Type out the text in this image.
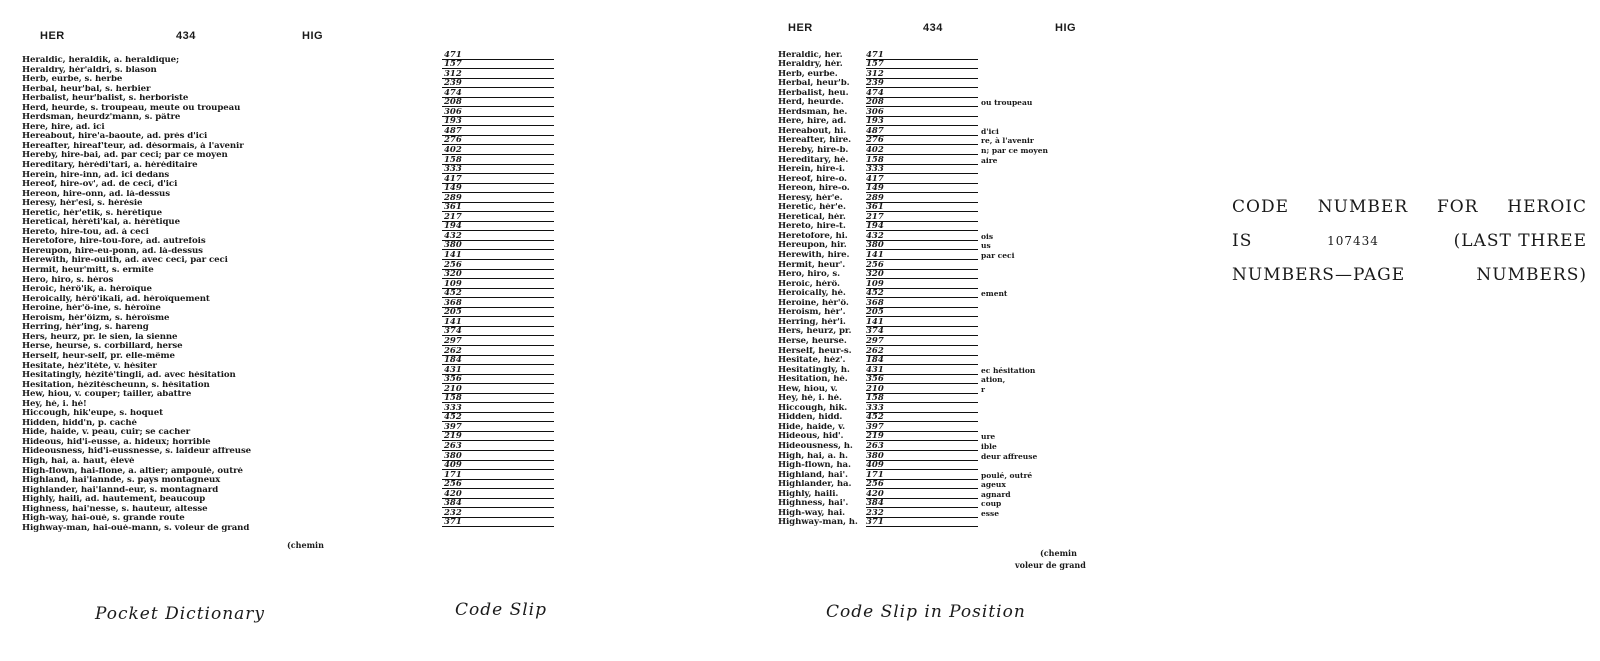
HER	434	HIG
Heraldic, heraldik, a. heraldique;
Heraldry, hér'aldri, s. blason
Herb, eurbe, s. herbe
Herbal, heur'bal, s. herbier
Herbalist, heur'balist, s. herboriste
Herd, heurde, s. troupeau, meute ou troupeau
Herdsman, heurdz'mann, s. pâtre
Here, hire, ad. ici
Hereabout, hire'a-baoute, ad. près d'ici
Hereafter, hireaf'teur, ad. désormais, à l'avenir
Hereby, hire-bai, ad. par ceci; par ce moyen
Hereditary, hérédi'tari, a. héréditaire
Herein, hire-inn, ad. ici dedans
Hereof, hire-ov', ad. de ceci, d'ici
Hereon, hire-onn, ad. là-dessus
Heresy, hér'esi, s. hérésie
Heretic, hér'etik, s. hérétique
Heretical, héréti'kal, a. hérétique
Hereto, hire-tou, ad. à ceci
Heretofore, hire-tou-fore, ad. autrefois
Hereupon, hire-eu-ponn, ad. là-dessus
Herewith, hire-ouith, ad. avec ceci, par ceci
Hermit, heur'mitt, s. ermite
Hero, hiro, s. héros
Heroic, hérô'ik, a. héroïque
Heroically, hérô'ikali, ad. héroïquement
Heroine, hér'ô-ine, s. héroïne
Heroism, hér'ôizm, s. héroïsme
Herring, hér'ing, s. hareng
Hers, heurz, pr. le sien, la sienne
Herse, heurse, s. corbillard, herse
Herself, heur-self, pr. elle-même
Hesitate, héz'itéte, v. hésiter
Hesitatingly, hézité'tingli, ad. avec hésitation
Hesitation, hézitéscheunn, s. hésitation
Hew, hiou, v. couper; tailler, abattre
Hey, hé, i. hé!
Hiccough, hik'eupe, s. hoquet
Hidden, hidd'n, p. caché
Hide, haide, v. peau, cuir; se cacher
Hideous, hid'i-eusse, a. hideux; horrible
Hideousness, hid'i-eussnesse, s. laideur affreuse
High, hai, a. haut, élevé
High-flown, hai-flone, a. altier; ampoulé, outré
Highland, hai'lannde, s. pays montagneux
Highlander, hai'lannd-eur, s. montagnard
Highly, haili, ad. hautement, beaucoup
Highness, hai'nesse, s. hauteur, altesse
High-way, hai-oué, s. grande route
Highway-man, hai-oué-mann, s. voleur de grand
(chemin
Pocket Dictionary
471
157
312
239
474
208
306
193
487
276
402
158
333
417
149
289
361
217
194
432
380
141
256
320
109
452
368
205
141
374
297
262
184
431
356
210
158
333
452
397
219
263
380
409
171
256
420
384
232
371
Code Slip
HER	434	HIG
Heraldic, her.	471
Heraldry, hér.	157
Herb, eurbe.	312
Herbal, heur'b.	239
Herbalist, heu.	474
Herd, heurde.	208	ou troupeau
Herdsman, he.	306
Here, hire, ad.	193
Hereabout, hi.	487	d'ici
Hereafter, hire.	276	re, à l'avenir
Hereby, hire-b.	402	n; par ce moyen
Hereditary, hé.	158	aire
Herein, hire-i.	333
Hereof, hire-o.	417
Hereon, hire-o.	149
Heresy, hér'e.	289
Heretic, hér'e.	361
Heretical, hér.	217
Hereto, hire-t.	194
Heretofore, hi.	432	ois
Hereupon, hir.	380	us
Herewith, hire.	141	par ceci
Hermit, heur'.	256
Hero, hiro, s.	320
Heroic, hérô.	109
Heroically, hé.	452	ement
Heroine, hér'ô.	368
Heroism, hér'.	205
Herring, hér'i.	141
Hers, heurz, pr.	374
Herse, heurse.	297
Herself, heur-s.	262
Hesitate, héz'.	184
Hesitatingly, h.	431	ec hésitation
Hesitation, hé.	356	ation,
Hew, hiou, v.	210	r
Hey, hé, i. hé.	158
Hiccough, hik.	333
Hidden, hidd.	452
Hide, haide, v.	397
Hideous, hid'.	219	ure
Hideousness, h.	263	ible
High, hai, a. h.	380	deur affreuse
High-flown, ha.	409
Highland, hai'.	171	poulé, outré
Highlander, ha.	256	ageux
Highly, haili.	420	agnard
Highness, hai'.	384	coup
High-way, hai.	232	esse
Highway-man, h. 371
(chemin
voleur de grand
Code Slip in Position
CODE NUMBER FOR HEROIC
IS	107434	(LAST THREE
NUMBERS—PAGE NUMBERS)
